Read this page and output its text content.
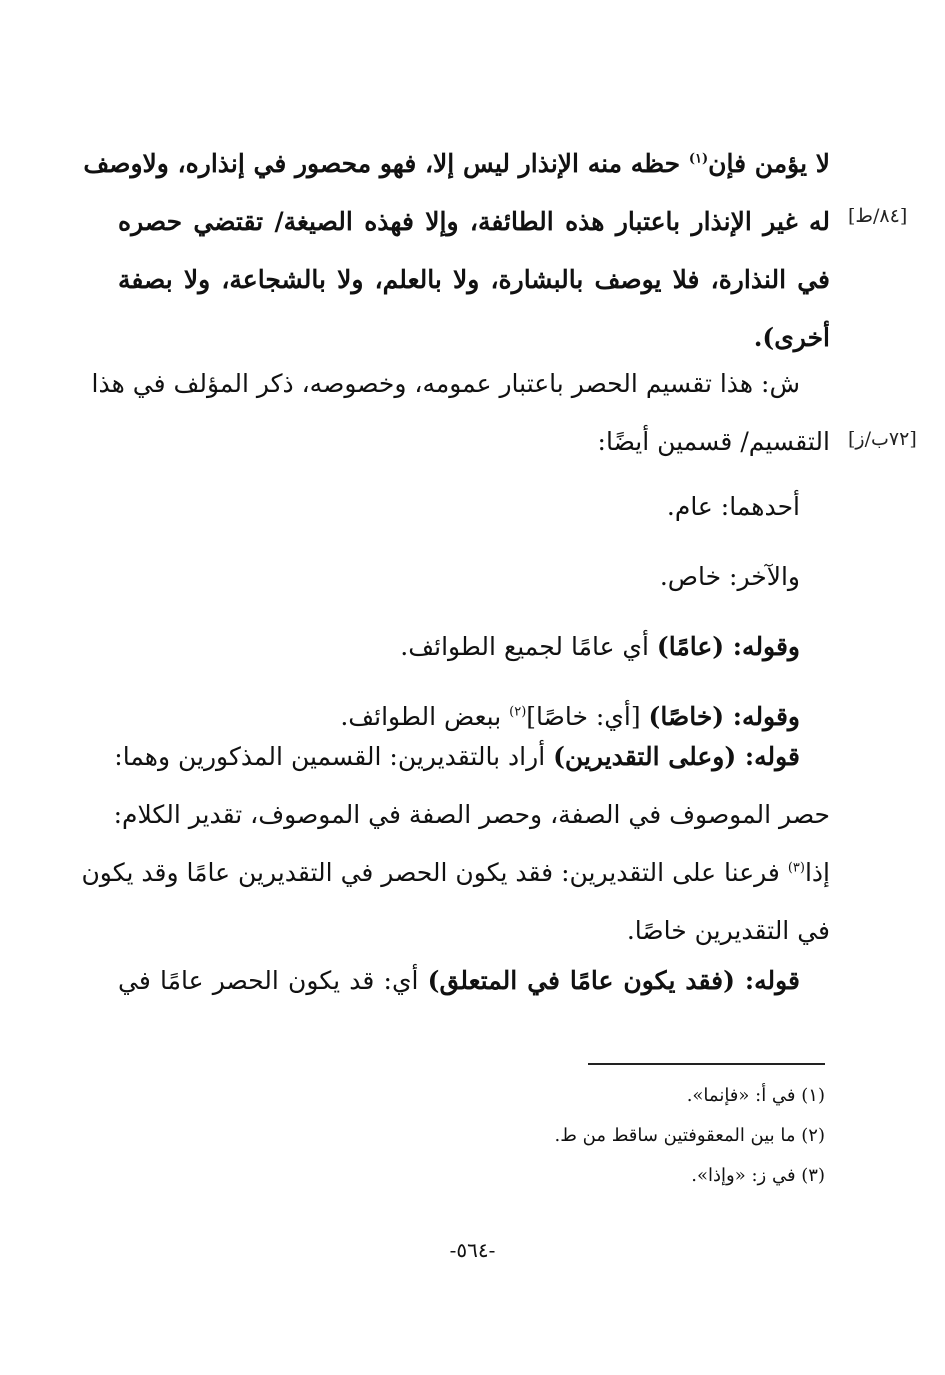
[٨٤/ط]
[٧٢ب/ز]
لا يؤمن فإن$^{(١)}$ حظه منه الإنذار ليس إلا، فهو محصور في إنذاره، ولاوصف
له غير الإنذار باعتبار هذه الطائفة، وإلا فهذه الصيغة/ تقتضي حصره
في النذارة، فلا يوصف بالبشارة، ولا بالعلم، ولا بالشجاعة، ولا بصفة
أخرى).
ش: هذا تقسيم الحصر باعتبار عمومه، وخصوصه، ذكر المؤلف في هذا
التقسيم/ قسمين أيضًا:
أحدهما: عام.
والآخر: خاص.
وقوله: (عامًا) أي عامًا لجميع الطوائف.
وقوله: (خاصًا) [أي: خاصًا]$^{(٢)}$ ببعض الطوائف.
قوله: (وعلى التقديرين) أراد بالتقديرين: القسمين المذكورين وهما:
حصر الموصوف في الصفة، وحصر الصفة في الموصوف، تقدير الكلام:
إذا$^{(٣)}$ فرعنا على التقديرين: فقد يكون الحصر في التقديرين عامًا وقد يكون
في التقديرين خاصًا.
قوله: (فقد يكون عامًا في المتعلق) أي: قد يكون الحصر عامًا في
(١) في أ: «فإنما».
(٢) ما بين المعقوفتين ساقط من ط.
(٣) في ز: «وإذا».
-٥٦٤-
